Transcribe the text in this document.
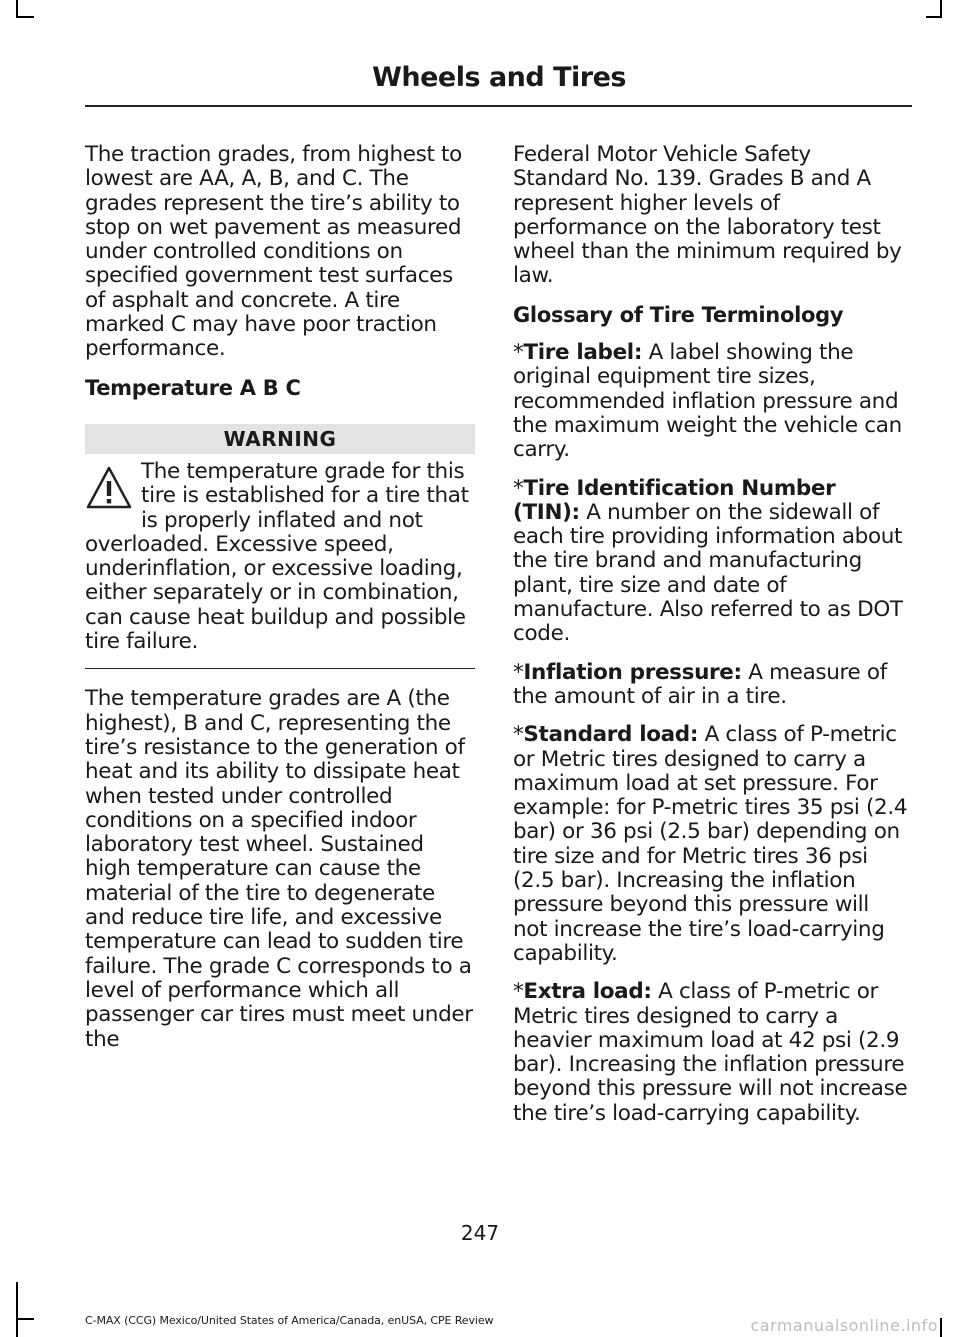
Wheels and Tires

The traction grades, from highest to lowest are AA, A, B, and C. The grades represent the tire’s ability to stop on wet pavement as measured under controlled conditions on specified government test surfaces of asphalt and concrete. A tire marked C may have poor traction performance.

Temperature A B C

WARNING

The temperature grade for this tire is established for a tire that is properly inflated and not overloaded. Excessive speed, underinflation, or excessive loading, either separately or in combination, can cause heat buildup and possible tire failure.

The temperature grades are A (the highest), B and C, representing the tire’s resistance to the generation of heat and its ability to dissipate heat when tested under controlled conditions on a specified indoor laboratory test wheel. Sustained high temperature can cause the material of the tire to degenerate and reduce tire life, and excessive temperature can lead to sudden tire failure. The grade C corresponds to a level of performance which all passenger car tires must meet under the

Federal Motor Vehicle Safety Standard No. 139. Grades B and A represent higher levels of performance on the laboratory test wheel than the minimum required by law.

Glossary of Tire Terminology

*Tire label: A label showing the original equipment tire sizes, recommended inflation pressure and the maximum weight the vehicle can carry.

*Tire Identification Number (TIN): A number on the sidewall of each tire providing information about the tire brand and manufacturing plant, tire size and date of manufacture. Also referred to as DOT code.

*Inflation pressure: A measure of the amount of air in a tire.

*Standard load: A class of P-metric or Metric tires designed to carry a maximum load at set pressure. For example: for P-metric tires 35 psi (2.4 bar) or 36 psi (2.5 bar) depending on tire size and for Metric tires 36 psi (2.5 bar). Increasing the inflation pressure beyond this pressure will not increase the tire’s load-carrying capability.

*Extra load: A class of P-metric or Metric tires designed to carry a heavier maximum load at 42 psi (2.9 bar). Increasing the inflation pressure beyond this pressure will not increase the tire’s load-carrying capability.

247

C-MAX (CCG) Mexico/United States of America/Canada, enUSA, CPE Review	carmanualsonline.info
